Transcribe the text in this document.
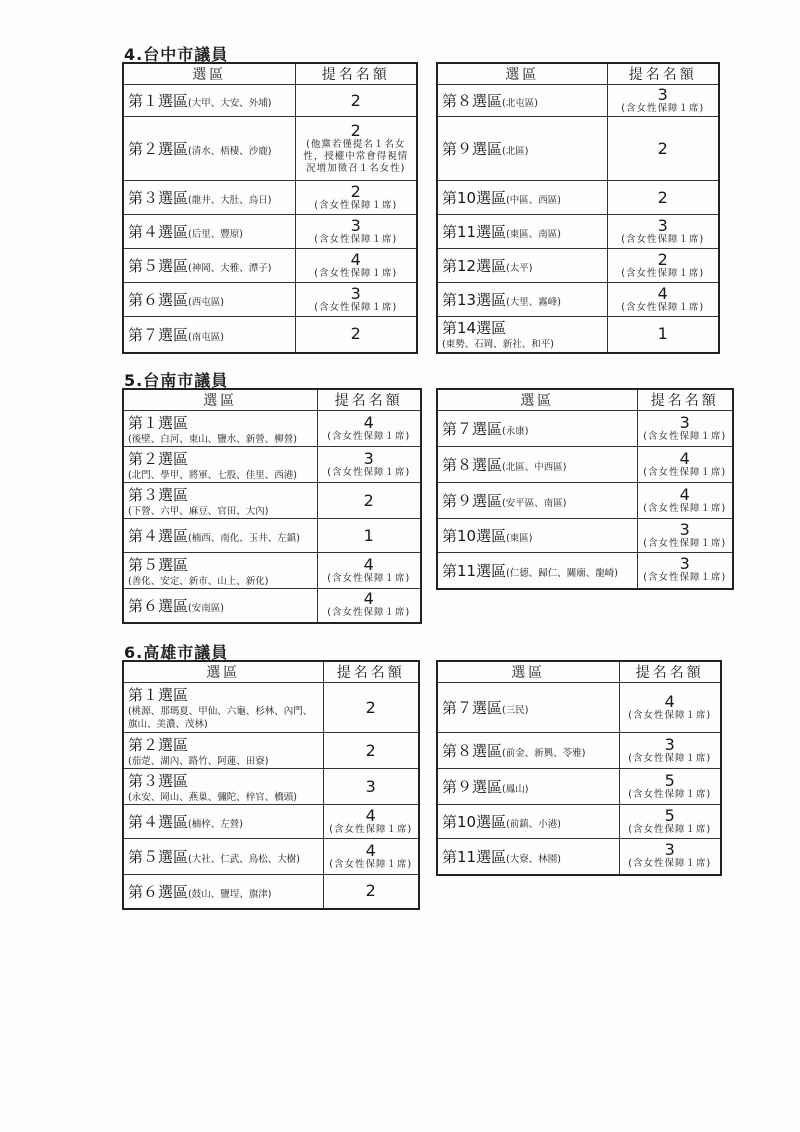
4.台中市議員
選區	提名名額
第１選區(大甲、大安、外埔)	2

第２選區(清水、梧棲、沙鹿)	2
(他黨若僅提名１名女性，授權中常會得視情況增加徵召１名女性)

第３選區(龍井、大肚、烏日)	2
(含女性保障１席)

第４選區(后里、豐原)	3
(含女性保障１席)

第５選區(神岡、大雅、潭子)	4
(含女性保障１席)

第６選區(西屯區)	3
(含女性保障１席)

第７選區(南屯區)	2
選區	提名名額
第８選區(北屯區)	3
(含女性保障１席)

第９選區(北區)	2

第10選區(中區、西區)	2

第11選區(東區、南區)	3
(含女性保障１席)

第12選區(太平)	2
(含女性保障１席)

第13選區(大里、霧峰)	4
(含女性保障１席)

第14選區
(東勢、石岡、新社、和平)	1
5.台南市議員
選區	提名名額
第１選區
(後壁、白河、東山、鹽水、新營、柳營)	4
(含女性保障１席)

第２選區
(北門、學甲、將軍、七股、佳里、西港)	3
(含女性保障１席)

第３選區
(下營、六甲、麻豆、官田、大內)	2

第４選區(楠西、南化、玉井、左鎮)	1

第５選區
(善化、安定、新市、山上、新化)	4
(含女性保障１席)

第６選區(安南區)	4
(含女性保障１席)
選區	提名名額
第７選區(永康)	3
(含女性保障１席)

第８選區(北區、中西區)	4
(含女性保障１席)

第９選區(安平區、南區)	4
(含女性保障１席)

第10選區(東區)	3
(含女性保障１席)

第11選區(仁德、歸仁、關廟、龍崎)	3
(含女性保障１席)
6.高雄市議員
選區	提名名額
第１選區
(桃源、那瑪夏、甲仙、六龜、杉林、內門、旗山、美濃、茂林)	2

第２選區
(茄萣、湖內、路竹、阿蓮、田寮)	2

第３選區
(永安、岡山、燕巢、彌陀、梓官、橋頭)	3

第４選區(楠梓、左營)	4
(含女性保障１席)

第５選區(大社、仁武、鳥松、大樹)	4
(含女性保障１席)

第６選區(鼓山、鹽埕、旗津)	2
選區	提名名額
第７選區(三民)	4
(含女性保障１席)

第８選區(前金、新興、苓雅)	3
(含女性保障１席)

第９選區(鳳山)	5
(含女性保障１席)

第10選區(前鎮、小港)	5
(含女性保障１席)

第11選區(大寮、林園)	3
(含女性保障１席)
